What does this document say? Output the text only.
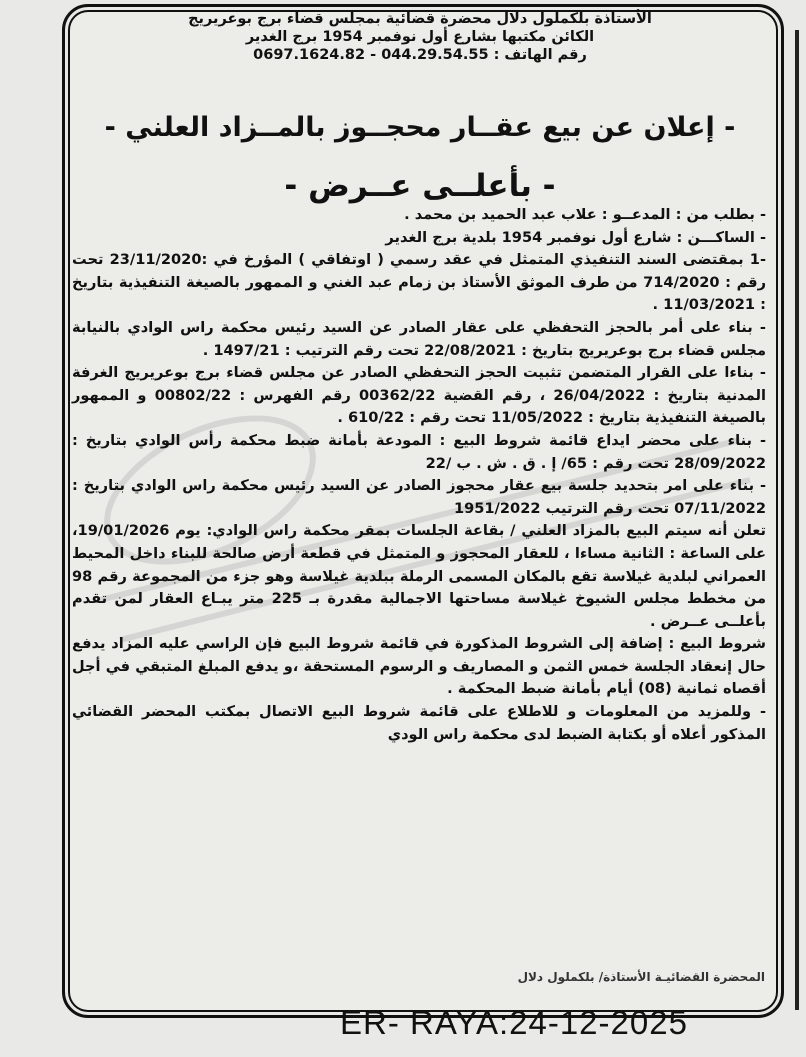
الأستاذة بلكملول دلال محضرة قضائية بمجلس قضاء برج بوعريريج
الكائن مكتبها بشارع أول نوفمبر 1954 برج الغدير
رقم الهاتف : 044.29.54.55 - 0697.1624.82
- إعلان عن بيع عقــار محجــوز بالمــزاد العلني -
- بأعلــى عــرض -

- بطلب من : المدعــو : علاب عبد الحميد بن محمد .

- الساكـــن : شارع أول نوفمبر 1954 بلدية برج الغدير

-1 بمقتضى السند التنفيذي المتمثل في عقد رسمي ( اوتفاقي ) المؤرخ في :23/11/2020 تحت رقم : 714/2020 من طرف الموثق الأستاذ بن زمام عبد الغني و الممهور بالصيغة التنفيذية بتاريخ : 11/03/2021 .

- بناء على أمر بالحجز التحفظي على عقار الصادر عن السيد رئيس محكمة راس الوادي بالنيابة مجلس قضاء برج بوعريريج بتاريخ : 22/08/2021 تحت رقم الترتيب : 1497/21 .

- بناءا على القرار المتضمن تثبيت الحجز التحفظي الصادر عن مجلس قضاء برج بوعريريج الغرفة المدنية بتاريخ : 26/04/2022 ، رقم القضية 00362/22 رقم الفهرس : 00802/22 و الممهور بالصيغة التنفيذية بتاريخ : 11/05/2022 تحت رقم : 610/22 .

- بناء على محضر ايداع قائمة شروط البيع : المودعة بأمانة ضبط محكمة رأس الوادي بتاريخ : 28/09/2022 تحت رقم : 65/ إ . ق . ش . ب /22

- بناء على امر بتحديد جلسة بيع عقار محجوز الصادر عن السيد رئيس محكمة راس الوادي بتاريخ : 07/11/2022 تحت رقم الترتيب 1951/2022

تعلن أنه سيتم البيع بالمزاد العلني / بقاعة الجلسات بمقر محكمة راس الوادي: يوم 19/01/2026، على الساعة : الثانية مساءا ، للعقار المحجوز و المتمثل في قطعة أرض صالحة للبناء داخل المحيط العمراني لبلدية غيلاسة تقع بالمكان المسمى الرملة ببلدية غيلاسة وهو جزء من المجموعة رقم 98 من مخطط مجلس الشيوخ غيلاسة مساحتها الاجمالية مقدرة بـ 225 متر يبـاع العقار لمن تقدم بأعلــى عــرض .

شروط البيع : إضافة إلى الشروط المذكورة في قائمة شروط البيع فإن الراسي عليه المزاد يدفع حال إنعقاد الجلسة خمس الثمن و المصاريف و الرسوم المستحقة ،و يدفع المبلغ المتبقي في أجل أقصاه ثمانية (08) أيام بأمانة ضبط المحكمة .

- وللمزيد من المعلومات و للاطلاع على قائمة شروط البيع الاتصال بمكتب المحضر القضائي المذكور أعلاه أو بكتابة الضبط لدى محكمة راس الودي

المحضرة القضائيـة الأستاذة/ بلكملول دلال
ER- RAYA:24-12-2025
